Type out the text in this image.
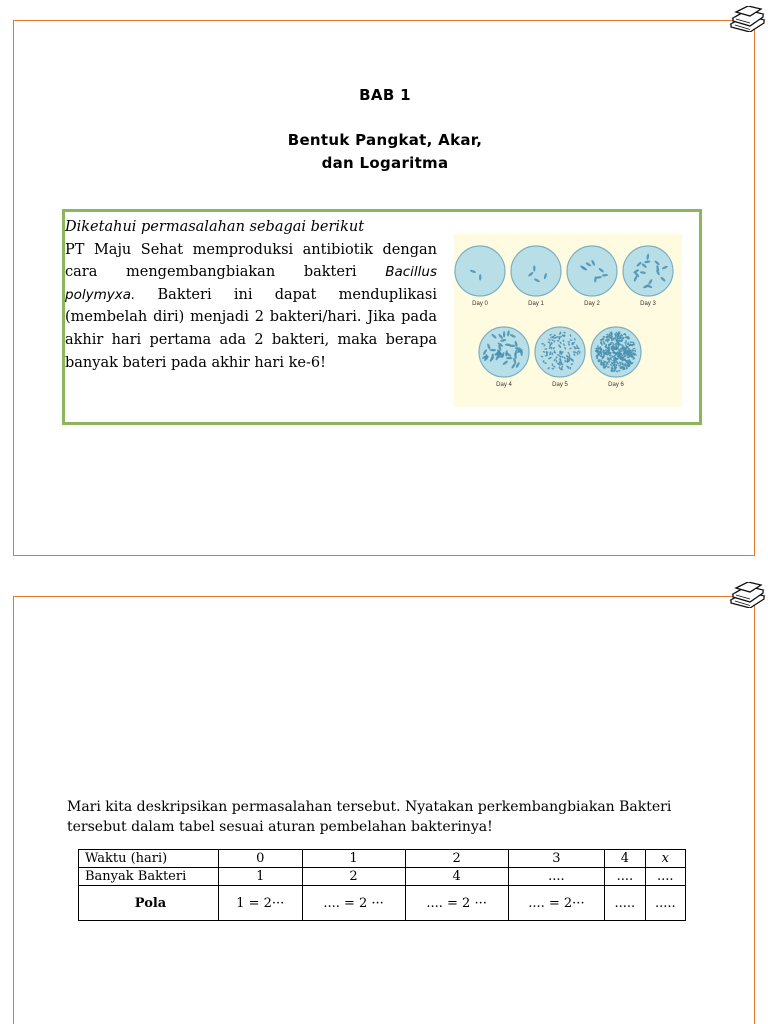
BAB 1
Bentuk Pangkat, Akar,
dan Logaritma
Diketahui permasalahan sebagai berikut
PT Maju Sehat memproduksi antibiotik dengan cara mengembangbiakan bakteri Bacillus polymyxa. Bakteri ini dapat menduplikasi (membelah diri) menjadi 2 bakteri/hari. Jika pada akhir hari pertama ada 2 bakteri, maka berapa banyak bateri pada akhir hari ke-6!
Day 0	Day 1	Day 2	Day 3
Day 4	Day 5	Day 6
Mari kita deskripsikan permasalahan tersebut. Nyatakan perkembangbiakan Bakteri tersebut dalam tabel sesuai aturan pembelahan bakterinya!
Waktu (hari)	0	1	2	3	4	x
Banyak Bakteri	1	2	4	....	....	....
Pola	1 = 2···	.... = 2 ···	.... = 2 ···	.... = 2···	.....	.....
